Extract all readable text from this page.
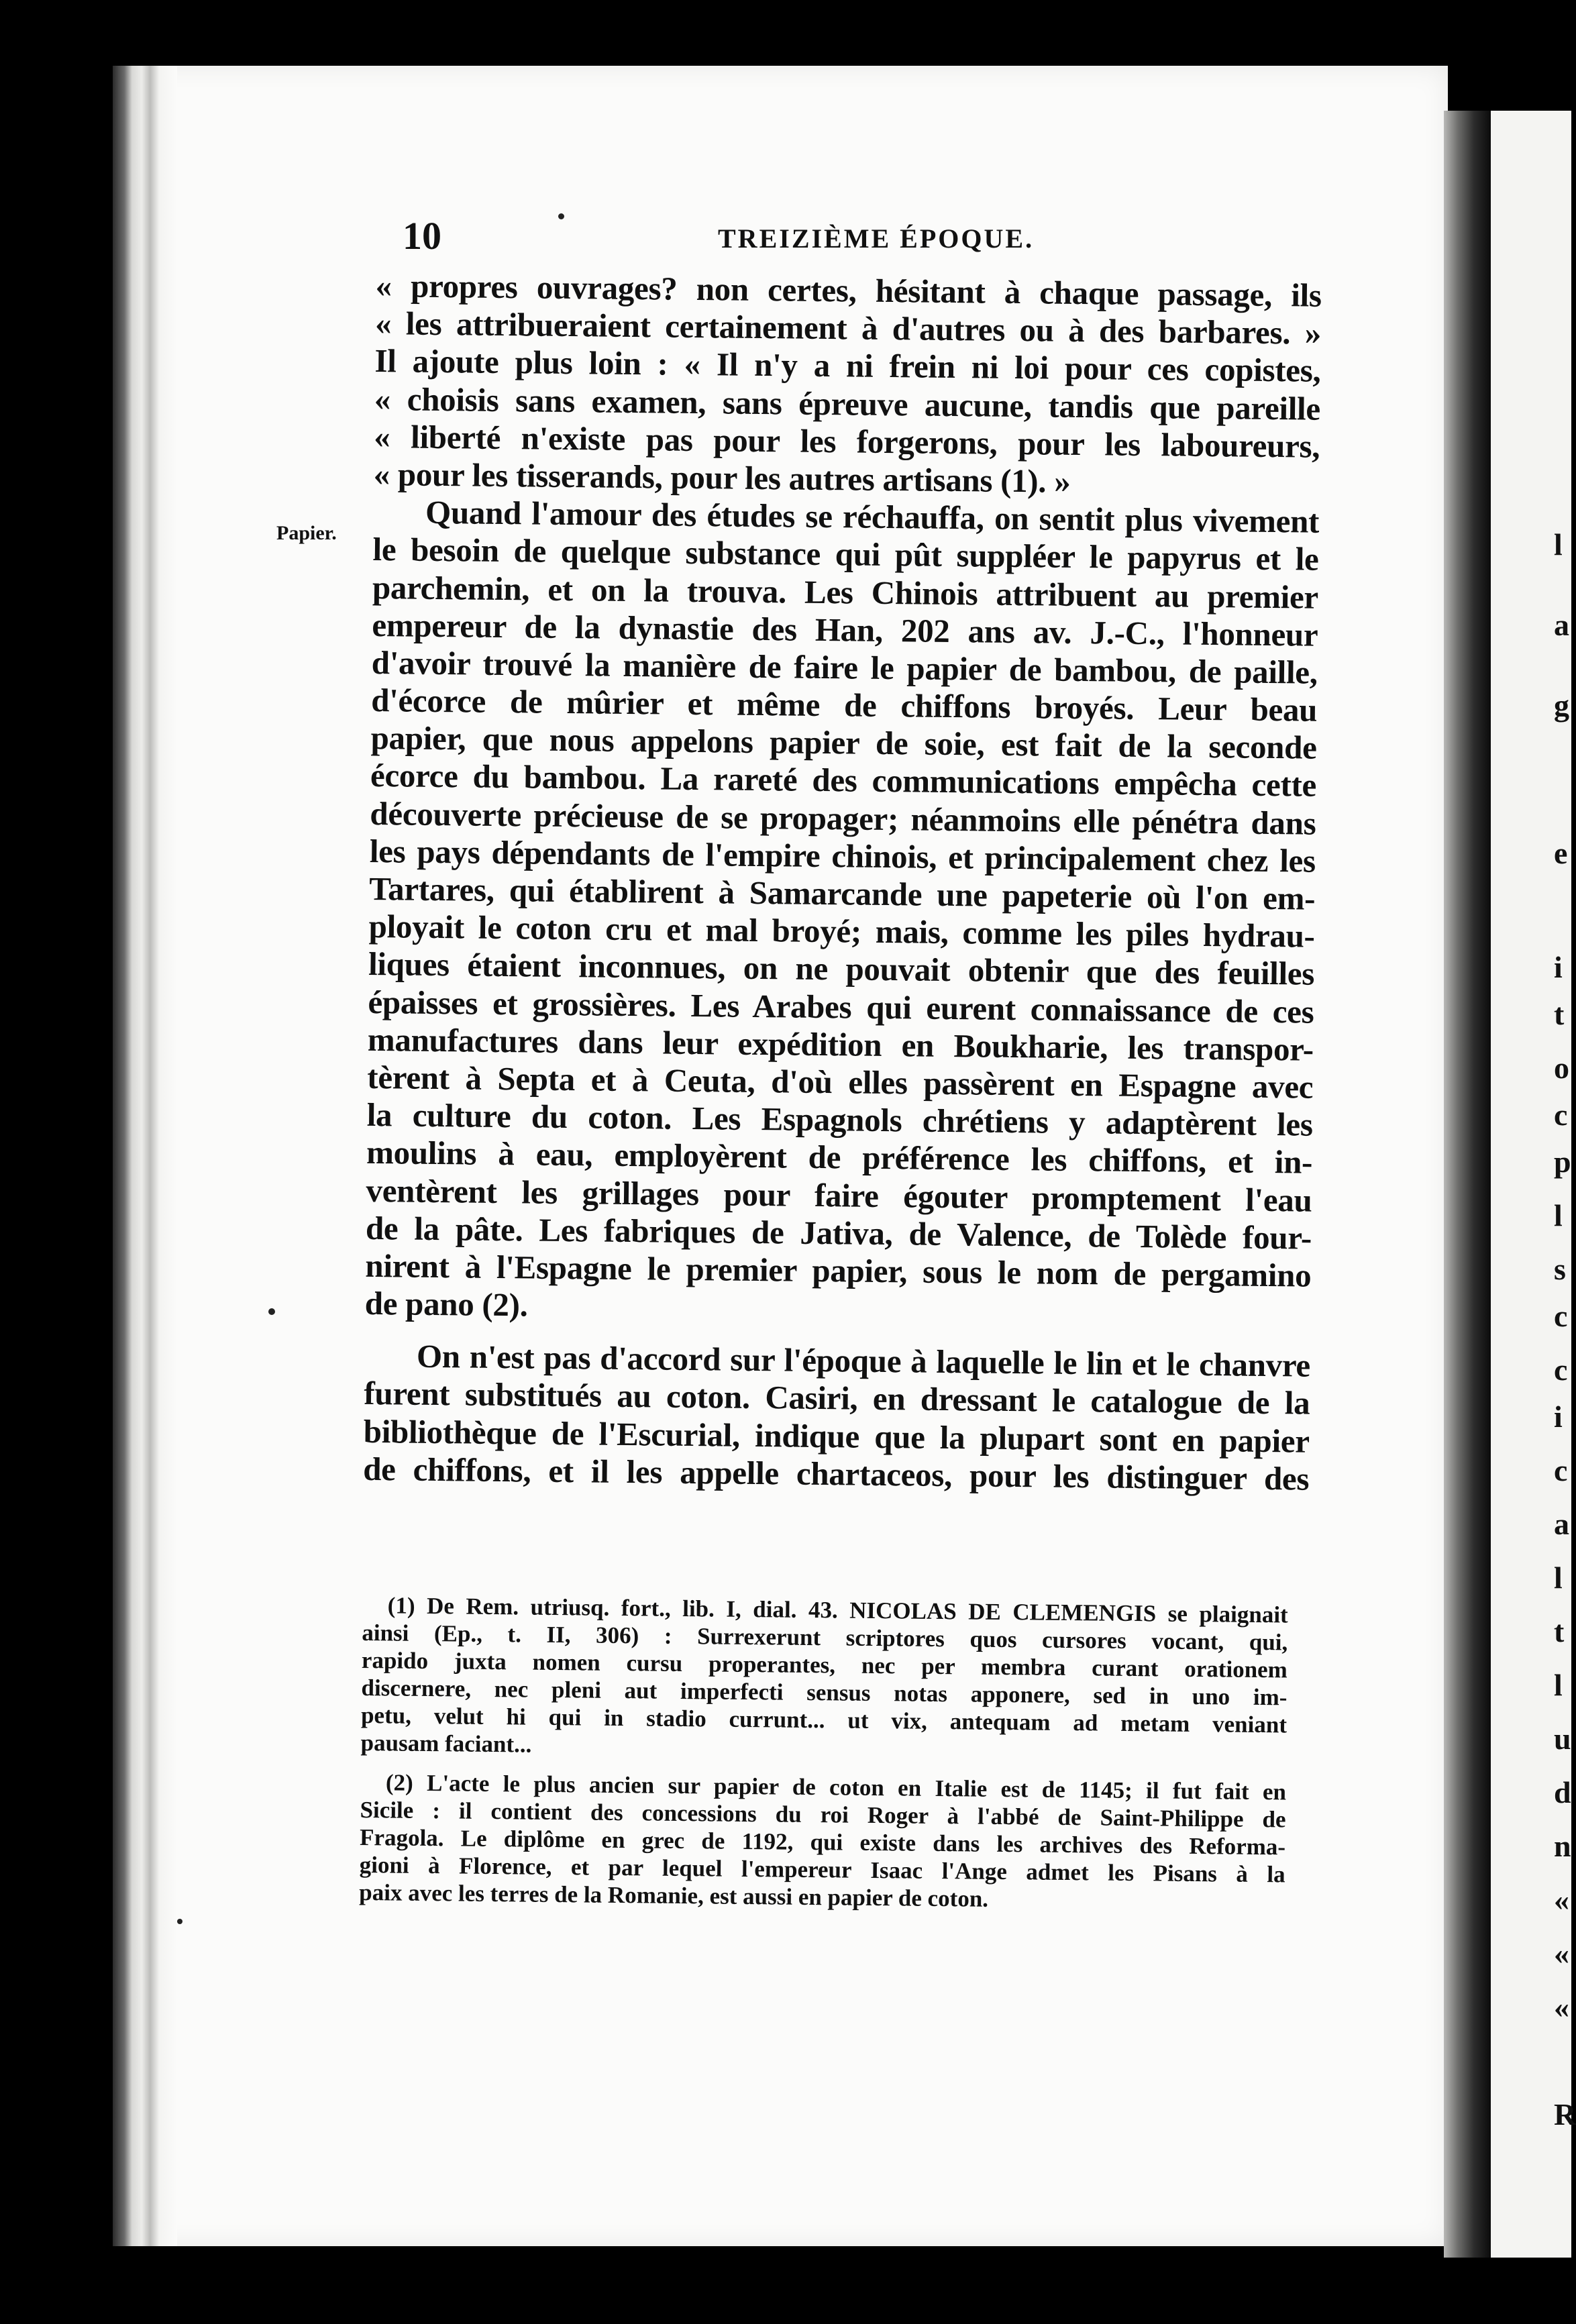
l
a
g
e
i
t
o
c
p
l
s
c
c
i
c
a
l
t
l
u
d
n
«
«
«
R
10	TREIZIÈME ÉPOQUE.
Papier.
« propres ouvrages? non certes, hésitant à chaque passage, ils
« les attribueraient certainement à d'autres ou à des barbares. »
Il ajoute plus loin : « Il n'y a ni frein ni loi pour ces copistes,
« choisis sans examen, sans épreuve aucune, tandis que pareille
« liberté n'existe pas pour les forgerons, pour les laboureurs,
« pour les tisserands, pour les autres artisans (1). »
Quand l'amour des études se réchauffa, on sentit plus vivement
le besoin de quelque substance qui pût suppléer le papyrus et le
parchemin, et on la trouva. Les Chinois attribuent au premier
empereur de la dynastie des Han, 202 ans av. J.-C., l'honneur
d'avoir trouvé la manière de faire le papier de bambou, de paille,
d'écorce de mûrier et même de chiffons broyés. Leur beau
papier, que nous appelons papier de soie, est fait de la seconde
écorce du bambou. La rareté des communications empêcha cette
découverte précieuse de se propager; néanmoins elle pénétra dans
les pays dépendants de l'empire chinois, et principalement chez les
Tartares, qui établirent à Samarcande une papeterie où l'on em-
ployait le coton cru et mal broyé; mais, comme les piles hydrau-
liques étaient inconnues, on ne pouvait obtenir que des feuilles
épaisses et grossières. Les Arabes qui eurent connaissance de ces
manufactures dans leur expédition en Boukharie, les transpor-
tèrent à Septa et à Ceuta, d'où elles passèrent en Espagne avec
la culture du coton. Les Espagnols chrétiens y adaptèrent les
moulins à eau, employèrent de préférence les chiffons, et in-
ventèrent les grillages pour faire égouter promptement l'eau
de la pâte. Les fabriques de Jativa, de Valence, de Tolède four-
nirent à l'Espagne le premier papier, sous le nom de pergamino
de pano (2).
On n'est pas d'accord sur l'époque à laquelle le lin et le chanvre
furent substitués au coton. Casiri, en dressant le catalogue de la
bibliothèque de l'Escurial, indique que la plupart sont en papier
de chiffons, et il les appelle chartaceos, pour les distinguer des
(1) De Rem. utriusq. fort., lib. I, dial. 43. NICOLAS DE CLEMENGIS se plaignait
ainsi (Ep., t. II, 306) : Surrexerunt scriptores quos cursores vocant, qui,
rapido juxta nomen cursu properantes, nec per membra curant orationem
discernere, nec pleni aut imperfecti sensus notas apponere, sed in uno im-
petu, velut hi qui in stadio currunt... ut vix, antequam ad metam veniant
pausam faciant...
(2) L'acte le plus ancien sur papier de coton en Italie est de 1145; il fut fait en
Sicile : il contient des concessions du roi Roger à l'abbé de Saint-Philippe de
Fragola. Le diplôme en grec de 1192, qui existe dans les archives des Reforma-
gioni à Florence, et par lequel l'empereur Isaac l'Ange admet les Pisans à la
paix avec les terres de la Romanie, est aussi en papier de coton.
